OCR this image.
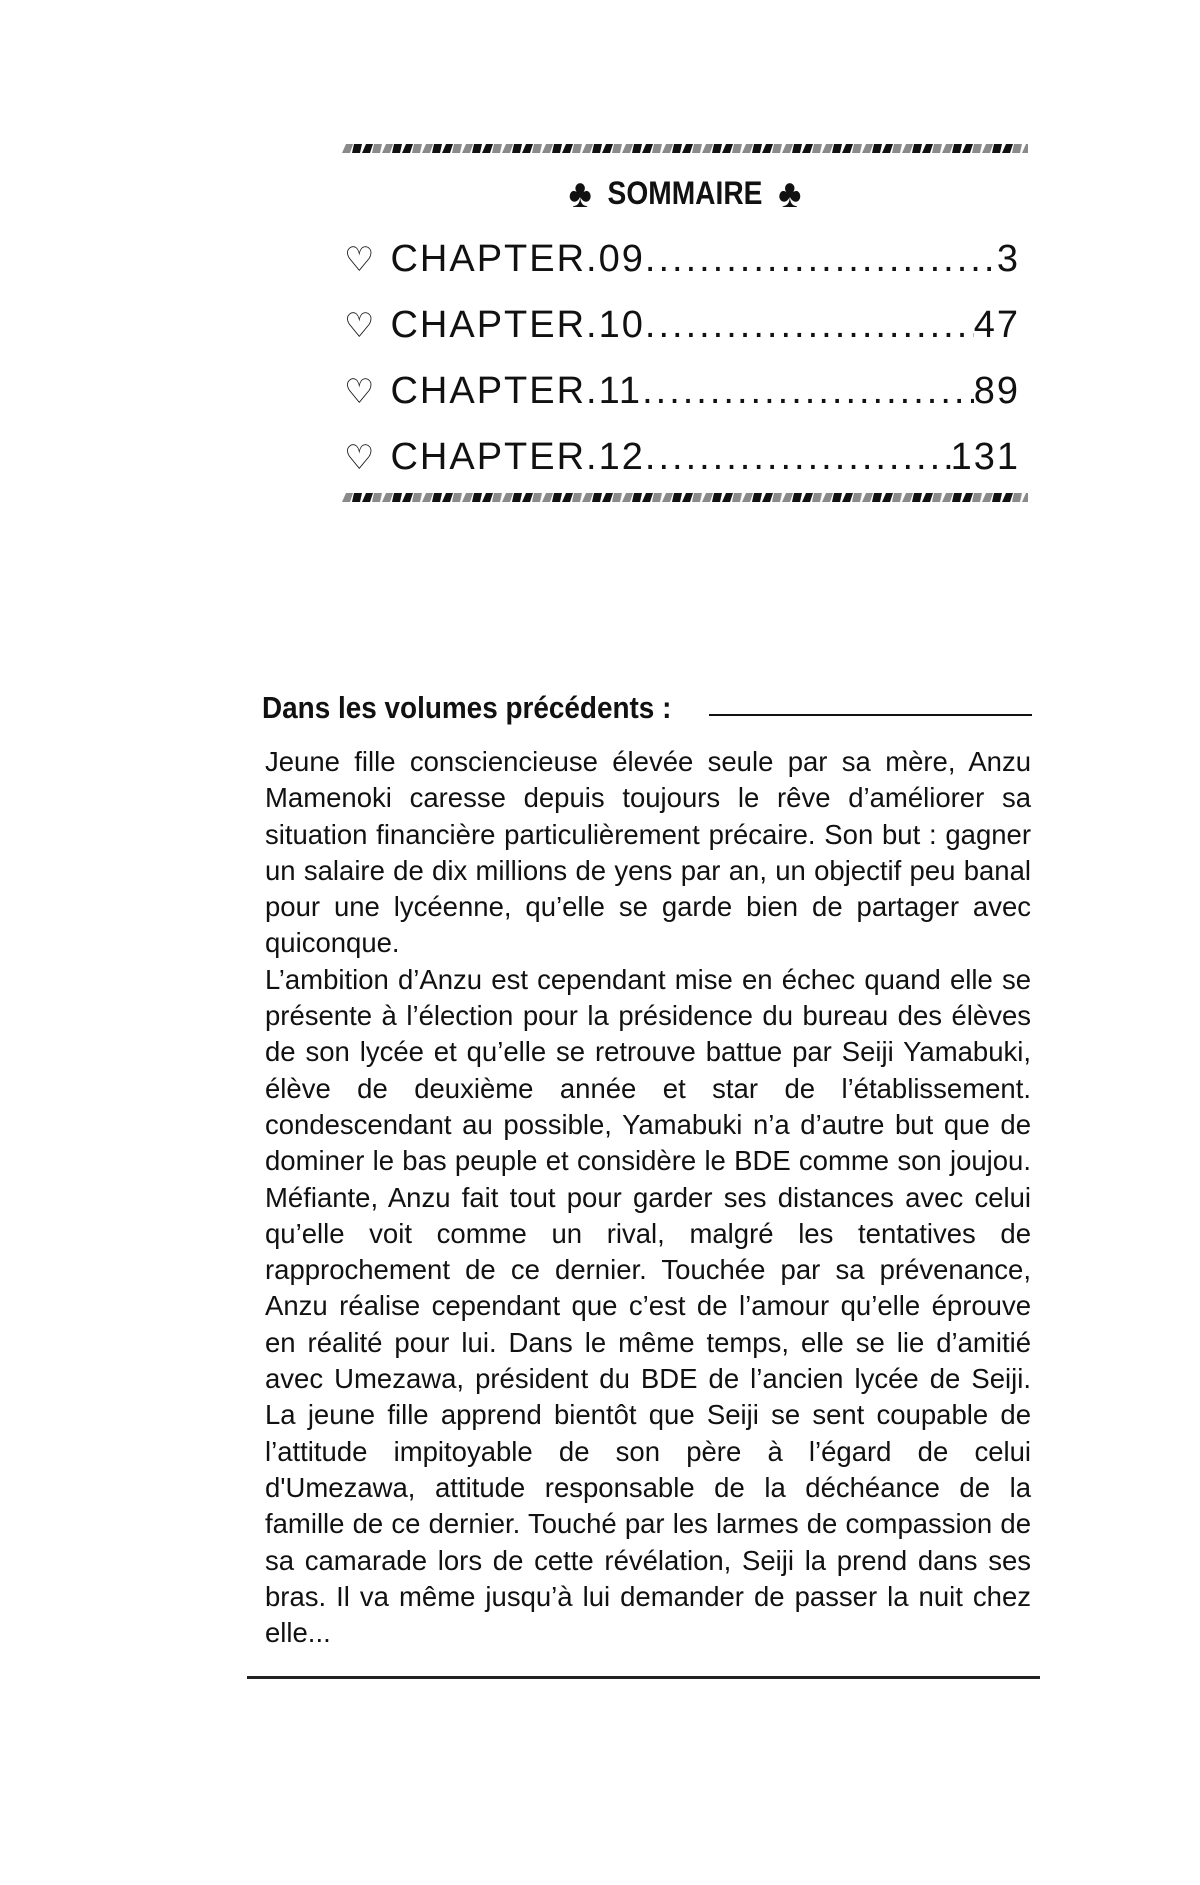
♣ SOMMAIRE ♣
♡ CHAPTER.09 .....	3
♡ CHAPTER.10 .....	47
♡ CHAPTER.11 .....	89
♡ CHAPTER.12 .....	131
Dans les volumes précédents :

Jeune fille consciencieuse élevée seule par sa mère, Anzu Mamenoki caresse depuis toujours le rêve d’améliorer sa situation financière particulièrement précaire. Son but : gagner un salaire de dix millions de yens par an, un objectif peu banal pour une lycéenne, qu’elle se garde bien de partager avec quiconque.

L’ambition d’Anzu est cependant mise en échec quand elle se présente à l’élection pour la présidence du bureau des élèves de son lycée et qu’elle se retrouve battue par Seiji Yamabuki, élève de deuxième année et star de l’établissement. condescendant au possible, Yamabuki n’a d’autre but que de dominer le bas peuple et considère le BDE comme son joujou. Méfiante, Anzu fait tout pour garder ses distances avec celui qu’elle voit comme un rival, malgré les tentatives de rapprochement de ce dernier. Touchée par sa prévenance, Anzu réalise cependant que c’est de l’amour qu’elle éprouve en réalité pour lui. Dans le même temps, elle se lie d’amitié avec Umezawa, président du BDE de l’ancien lycée de Seiji. La jeune fille apprend bientôt que Seiji se sent coupable de l’attitude impitoyable de son père à l’égard de celui d'Umezawa, attitude responsable de la déchéance de la famille de ce dernier. Touché par les larmes de compassion de sa camarade lors de cette révélation, Seiji la prend dans ses bras. Il va même jusqu’à lui demander de passer la nuit chez elle...
